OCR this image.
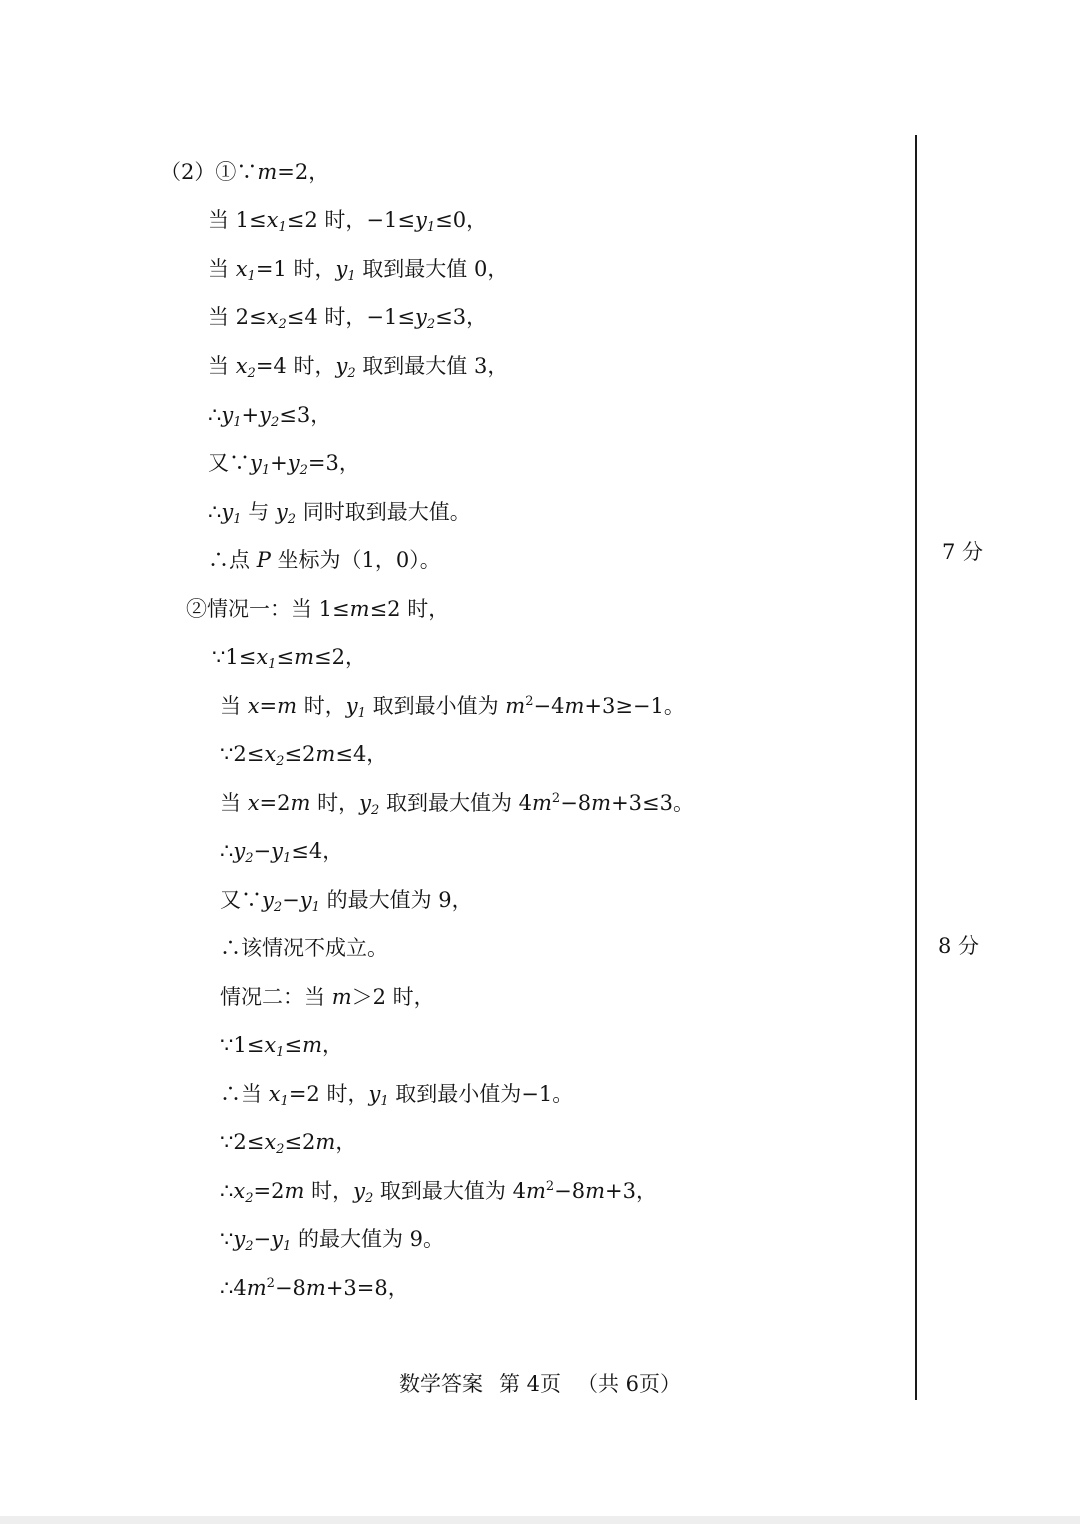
（2）①∵m=2，
当 $1\le x_1\le 2$ 时，$-1\le y_1\le 0$，
当 $x_1=1$ 时，$y_1$ 取到最大值 0，
当 $2\le x_2\le 4$ 时，$-1\le y_2\le 3$，
当 $x_2=4$ 时，$y_2$ 取到最大值 3，
$\therefore y_1+y_2\le 3$，
又$\because y_1+y_2=3$，
$\therefore y_1$ 与 $y_2$ 同时取到最大值。
∴点 P 坐标为（1，0）。	7 分
②情况一：当 1≤m≤2 时，
$\because 1\le x_1\le m\le 2$，
当 x=m 时，$y_1$ 取到最小值为 $m^2-4m+3\ge-1$。
$\because 2\le x_2\le 2m\le 4$，
当 x=2m 时，$y_2$ 取到最大值为 $4m^2-8m+3\le 3$。
$\therefore y_2-y_1\le 4$，
又$\because y_2-y_1$ 的最大值为 9，
∴该情况不成立。	8 分
情况二：当 m＞2 时，
$\because 1\le x_1\le m$，
∴当 $x_1=2$ 时，$y_1$ 取到最小值为−1。
$\because 2\le x_2\le 2m$，
$\therefore x_2=2m$ 时，$y_2$ 取到最大值为 $4m^2-8m+3$，
$\because y_2-y_1$ 的最大值为 9。
$\therefore 4m^2-8m+3=8$，
数学答案 第 4页 （共 6页）
